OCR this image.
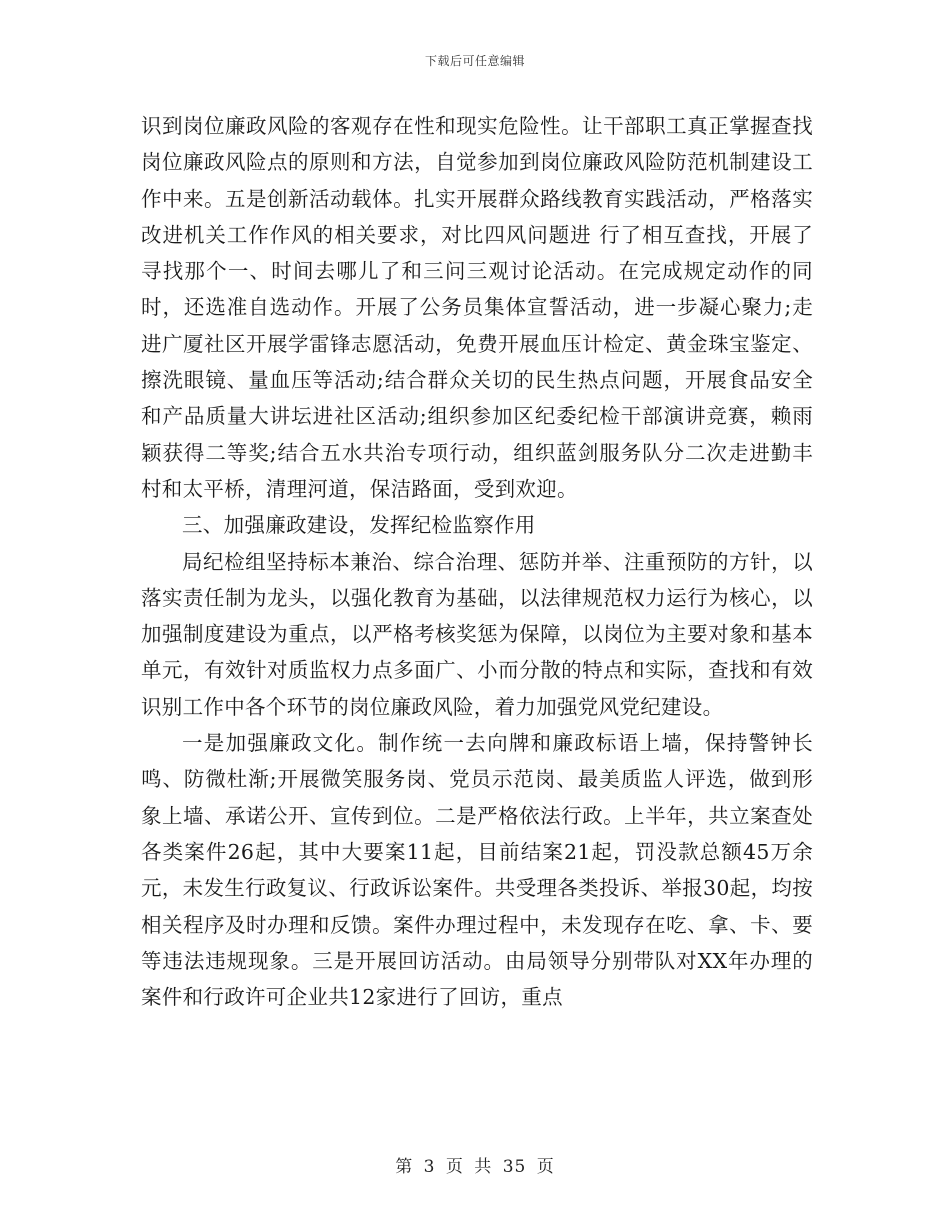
下载后可任意编辑

识到岗位廉政风险的客观存在性和现实危险性。让干部职工真正掌握查找岗位廉政风险点的原则和方法，自觉参加到岗位廉政风险防范机制建设工作中来。五是创新活动载体。扎实开展群众路线教育实践活动，严格落实改进机关工作作风的相关要求，对比四风问题进 行了相互查找，开展了寻找那个一、时间去哪儿了和三问三观讨论活动。在完成规定动作的同时，还选准自选动作。开展了公务员集体宣誓活动，进一步凝心聚力;走进广厦社区开展学雷锋志愿活动，免费开展血压计检定、黄金珠宝鉴定、擦洗眼镜、量血压等活动;结合群众关切的民生热点问题，开展食品安全和产品质量大讲坛进社区活动;组织参加区纪委纪检干部演讲竞赛，赖雨颖获得二等奖;结合五水共治专项行动，组织蓝剑服务队分二次走进勤丰村和太平桥，清理河道，保洁路面，受到欢迎。

三、加强廉政建设，发挥纪检监察作用

局纪检组坚持标本兼治、综合治理、惩防并举、注重预防的方针，以落实责任制为龙头，以强化教育为基础，以法律规范权力运行为核心，以加强制度建设为重点，以严格考核奖惩为保障，以岗位为主要对象和基本单元，有效针对质监权力点多面广、小而分散的特点和实际，查找和有效识别工作中各个环节的岗位廉政风险，着力加强党风党纪建设。

一是加强廉政文化。制作统一去向牌和廉政标语上墙，保持警钟长鸣、防微杜渐;开展微笑服务岗、党员示范岗、最美质监人评选，做到形象上墙、承诺公开、宣传到位。二是严格依法行政。上半年，共立案查处各类案件26起，其中大要案11起，目前结案21起，罚没款总额45万余元，未发生行政复议、行政诉讼案件。共受理各类投诉、举报30起，均按相关程序及时办理和反馈。案件办理过程中，未发现存在吃、拿、卡、要等违法违规现象。三是开展回访活动。由局领导分别带队对XX年办理的案件和行政许可企业共12家进行了回访，重点

第 3 页 共 35 页
